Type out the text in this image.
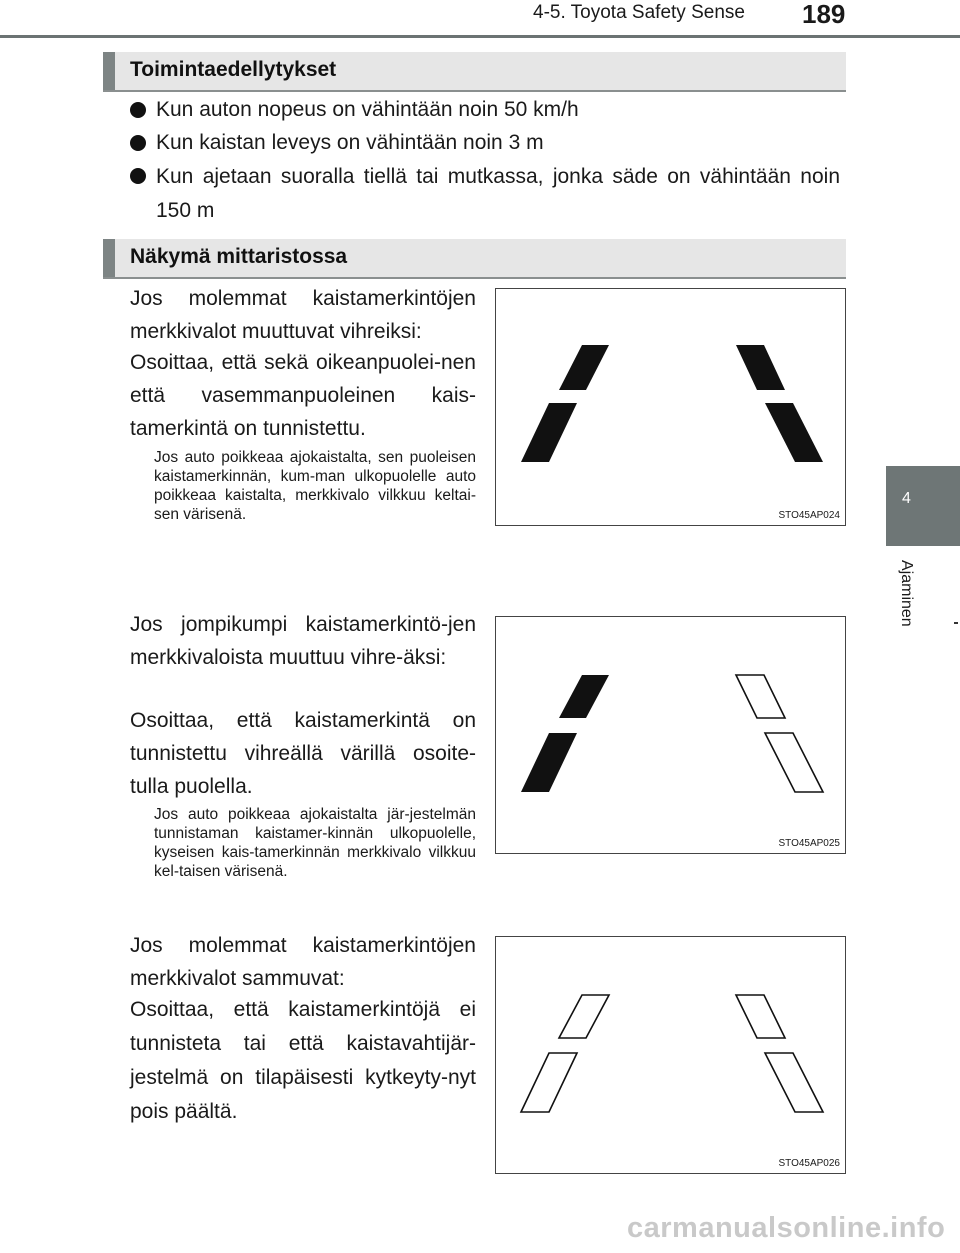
4-5. Toyota Safety Sense 189
4
Ajaminen
Toimintaedellytykset
Kun auton nopeus on vähintään noin 50 km/h
Kun kaistan leveys on vähintään noin 3 m
Kun ajetaan suoralla tiellä tai mutkassa, jonka säde on vähintään noin 150 m
Näkymä mittaristossa
Jos molemmat kaistamerkintöjen merkkivalot muuttuvat vihreiksi:
Osoittaa, että sekä oikeanpuolei-nen että vasemmanpuoleinen kais-tamerkintä on tunnistettu.
Jos auto poikkeaa ajokaistalta, sen puoleisen kaistamerkinnän, kum-man ulkopuolelle auto poikkeaa kaistalta, merkkivalo vilkkuu keltai-sen värisenä.	STO45AP024
Jos jompikumpi kaistamerkintö-jen merkkivaloista muuttuu vihre-äksi:
Osoittaa, että kaistamerkintä on tunnistettu vihreällä värillä osoite-tulla puolella.
Jos auto poikkeaa ajokaistalta jär-jestelmän tunnistaman kaistamer-kinnän ulkopuolelle, kyseisen kais-tamerkinnän merkkivalo vilkkuu kel-taisen värisenä.
STO45AP025
Jos molemmat kaistamerkintöjen merkkivalot sammuvat:
Osoittaa, että kaistamerkintöjä ei tunnisteta tai että kaistavahtijär-jestelmä on tilapäisesti kytkeyty-nyt pois päältä.
STO45AP026
carmanualsonline.info
